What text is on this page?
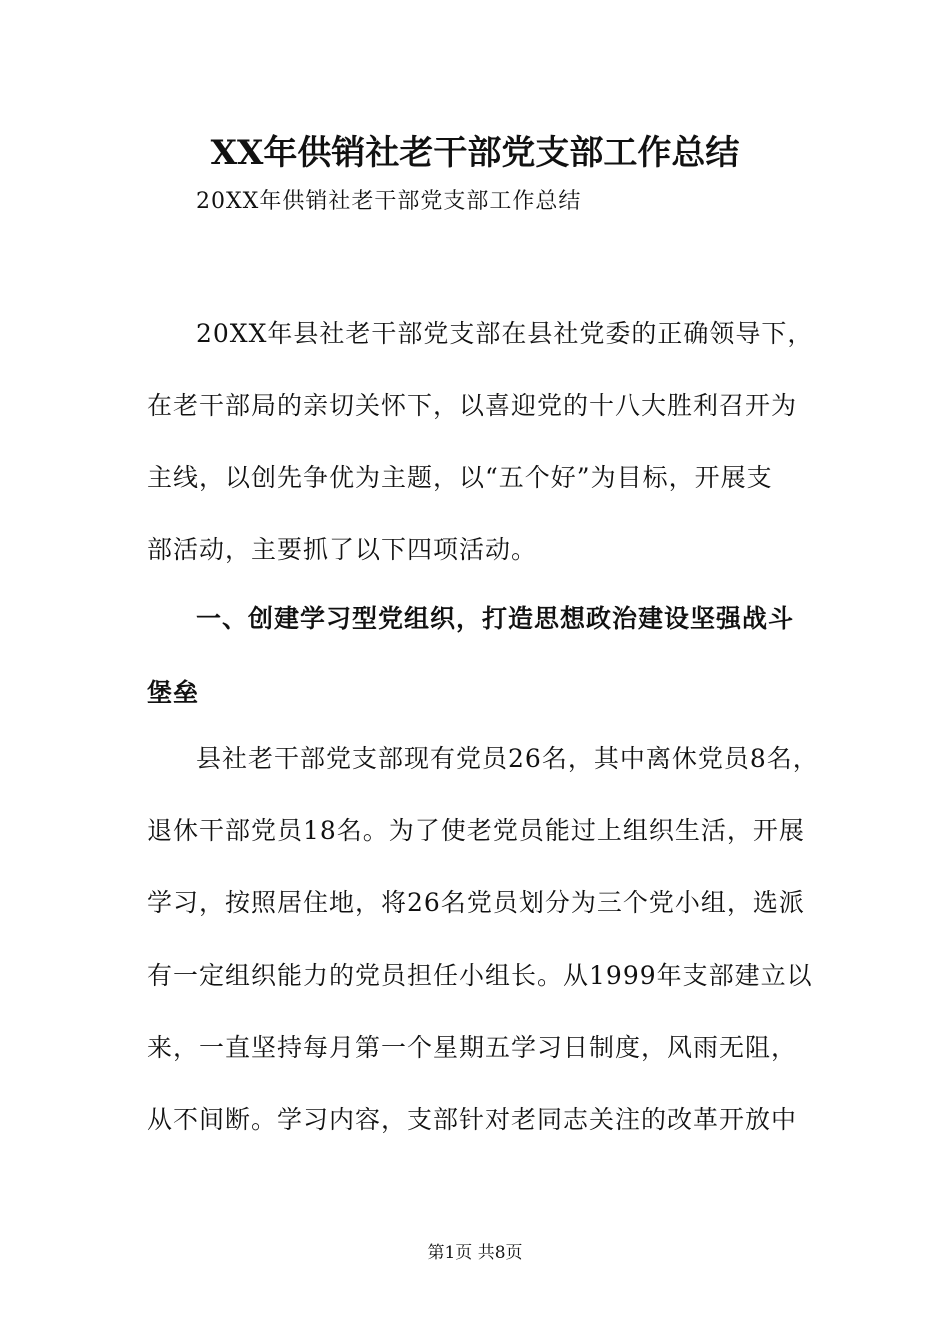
XX年供销社老干部党支部工作总结
20XX年供销社老干部党支部工作总结
20XX年县社老干部党支部在县社党委的正确领导下，
在老干部局的亲切关怀下，以喜迎党的十八大胜利召开为
主线，以创先争优为主题，以“五个好”为目标，开展支
部活动，主要抓了以下四项活动。
一、创建学习型党组织，打造思想政治建设坚强战斗
堡垒
县社老干部党支部现有党员26名，其中离休党员8名，
退休干部党员18名。为了使老党员能过上组织生活，开展
学习，按照居住地，将26名党员划分为三个党小组，选派
有一定组织能力的党员担任小组长。从1999年支部建立以
来，一直坚持每月第一个星期五学习日制度，风雨无阻，
从不间断。学习内容，支部针对老同志关注的改革开放中
第1页 共8页
